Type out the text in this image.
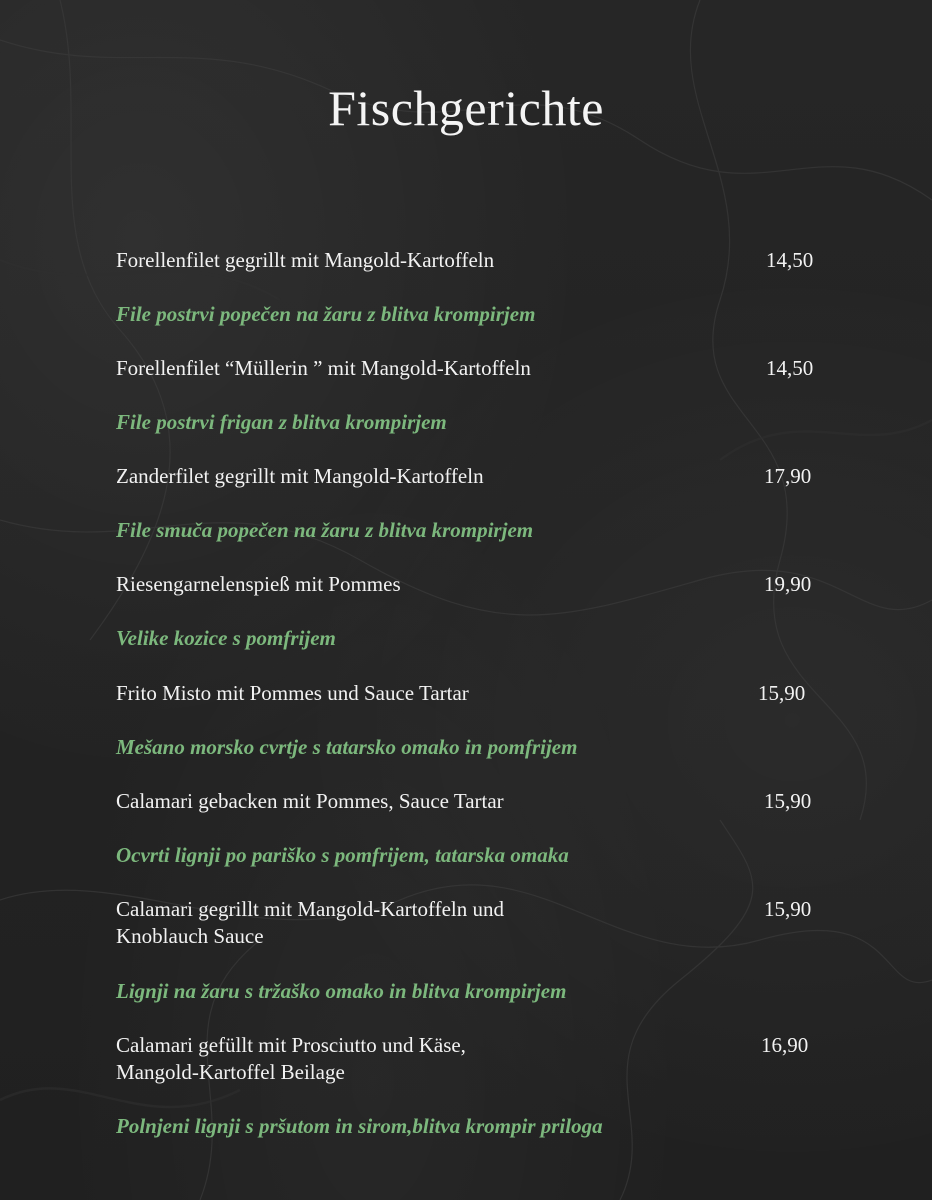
Fischgerichte
Forellenfilet gegrillt mit Mangold-Kartoffeln	14,50
File postrvi popečen na žaru z blitva krompirjem
Forellenfilet “Müllerin ” mit Mangold-Kartoffeln	14,50
File postrvi frigan z blitva krompirjem
Zanderfilet gegrillt mit Mangold-Kartoffeln	17,90
File smuča popečen na žaru z blitva krompirjem
Riesengarnelenspieß mit Pommes	19,90
Velike kozice s pomfrijem
Frito Misto mit Pommes und Sauce Tartar	15,90
Mešano morsko cvrtje s tatarsko omako in pomfrijem
Calamari gebacken mit Pommes, Sauce Tartar	15,90
Ocvrti lignji po pariško s pomfrijem, tatarska omaka
Calamari gegrillt mit Mangold-Kartoffeln und Knoblauch Sauce
15,90
Lignji na žaru s tržaško omako in blitva krompirjem
Calamari gefüllt mit Prosciutto und Käse, Mangold-Kartoffel Beilage
16,90
Polnjeni lignji s pršutom in sirom,blitva krompir priloga
